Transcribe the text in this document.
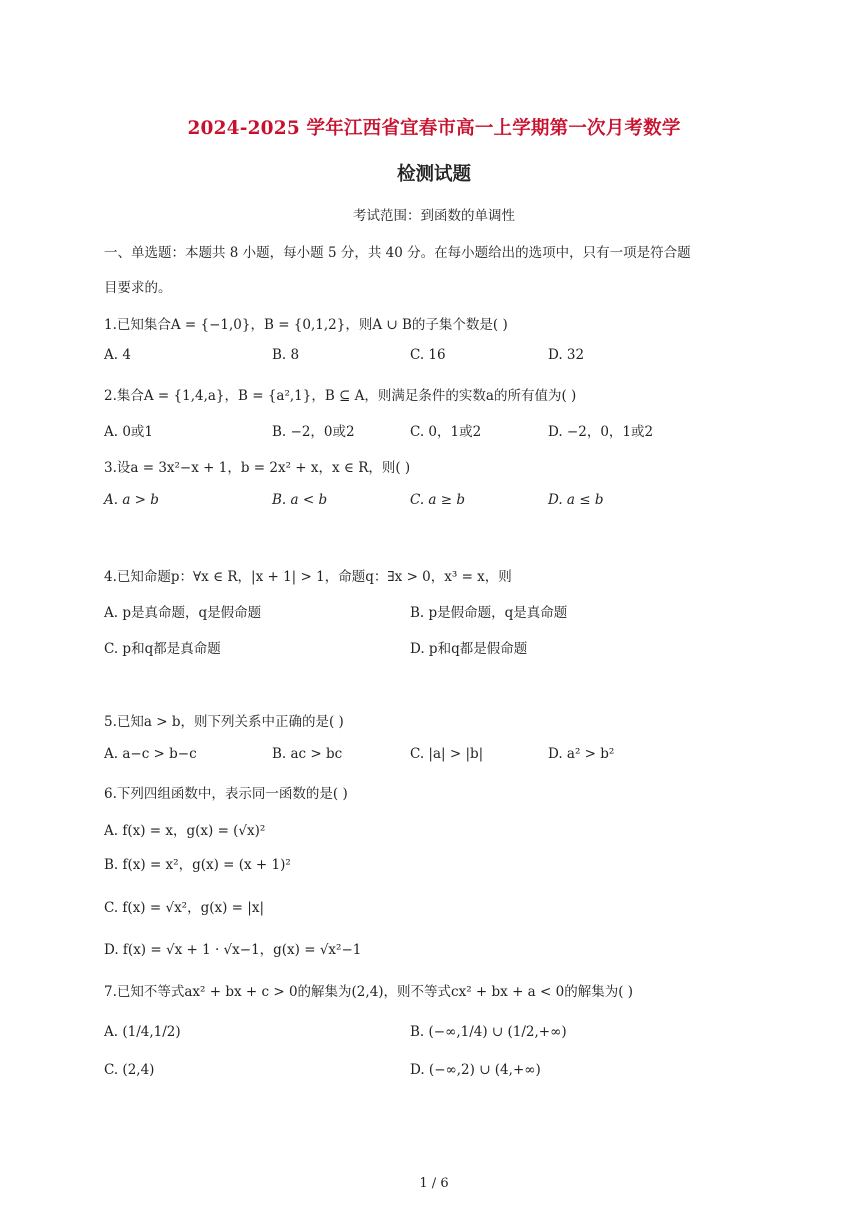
2024-2025 学年江西省宜春市高一上学期第一次月考数学
检测试题
考试范围：到函数的单调性
一、单选题：本题共 8 小题，每小题 5 分，共 40 分。在每小题给出的选项中，只有一项是符合题
目要求的。
1.已知集合A = {−1,0}，B = {0,1,2}，则A ∪ B的子集个数是( )
A. 4	B. 8	C. 16	D. 32
2.集合A = {1,4,a}，B = {a²,1}，B ⊆ A，则满足条件的实数a的所有值为( )
A. 0或1	B. −2，0或2	C. 0，1或2	D. −2，0，1或2
3.设a = 3x²−x + 1，b = 2x² + x，x ∈ R，则( )
A. a > b	B. a < b	C. a ≥ b	D. a ≤ b
4.已知命题p：∀x ∈ R，|x + 1| > 1，命题q：∃x > 0，x³ = x，则
A. p是真命题，q是假命题	B. p是假命题，q是真命题
C. p和q都是真命题	D. p和q都是假命题
5.已知a > b，则下列关系中正确的是( )
A. a−c > b−c	B. ac > bc	C. |a| > |b|	D. a² > b²
6.下列四组函数中，表示同一函数的是( )
A. f(x) = x，g(x) = (√x)²
B. f(x) = x²，g(x) = (x + 1)²
C. f(x) = √x²，g(x) = |x|
D. f(x) = √x + 1 · √x−1，g(x) = √x²−1
7.已知不等式ax² + bx + c > 0的解集为(2,4)，则不等式cx² + bx + a < 0的解集为( )
A. (1/4,1/2)	B. (−∞,1/4) ∪ (1/2,+∞)
C. (2,4)	D. (−∞,2) ∪ (4,+∞)
1 / 6
